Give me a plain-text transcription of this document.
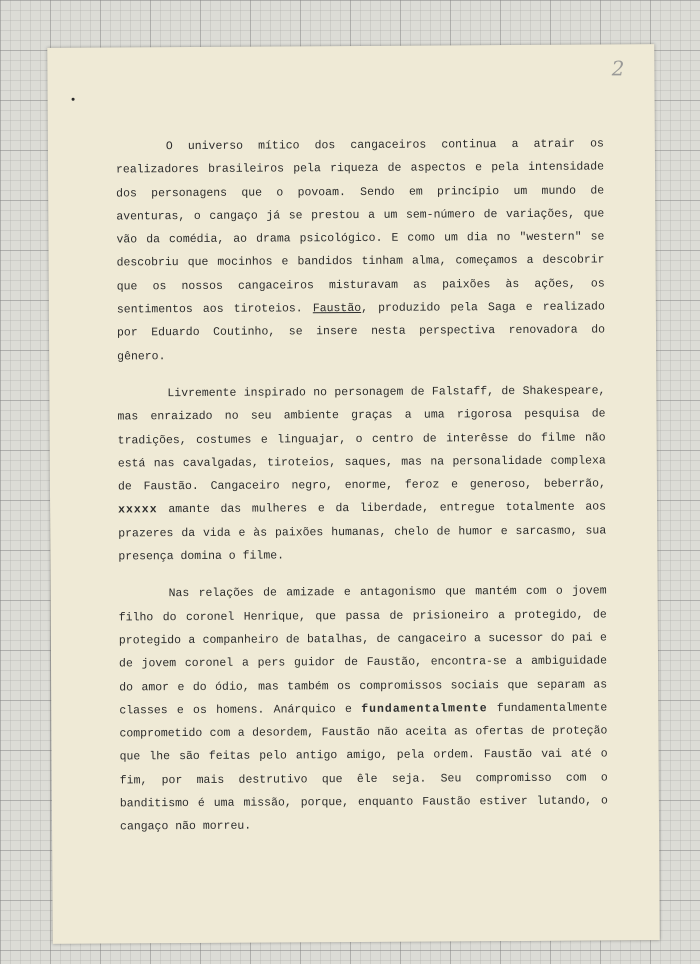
2

O universo mítico dos cangaceiros continua a atrair os realizadores brasileiros pela riqueza de aspectos e pela intensidade dos personagens que o povoam. Sendo em princípio um mundo de aventuras, o cangaço já se prestou a um sem-número de variações, que vão da comédia, ao drama psicológico. E como um dia no "western" se descobriu que mocinhos e bandidos tinham alma, começamos a descobrir que os nossos cangaceiros misturavam as paixões às ações, os sentimentos aos tiroteios. Faustão, produzido pela Saga e realizado por Eduardo Coutinho, se insere nesta perspectiva renovadora do gênero.

Livremente inspirado no personagem de Falstaff, de Shakespeare, mas enraizado no seu ambiente graças a uma rigorosa pesquisa de tradições, costumes e linguajar, o centro de interêsse do filme não está nas cavalgadas, tiroteios, saques, mas na personalidade complexa de Faustão. Cangaceiro negro, enorme, feroz e generoso, beberrão, xxxxx amante das mulheres e da liberdade, entregue totalmente aos prazeres da vida e às paixões humanas, chelo de humor e sarcasmo, sua presença domina o filme.

Nas relações de amizade e antagonismo que mantém com o jovem filho do coronel Henrique, que passa de prisioneiro a protegido, de protegido a companheiro de batalhas, de cangaceiro a sucessor do pai e de jovem coronel a pers guidor de Faustão, encontra-se a ambiguidade do amor e do ódio, mas também os compromissos sociais que separam as classes e os homens. Anárquico e fundamentalmente fundamentalmente comprometido com a desordem, Faustão não aceita as ofertas de proteção que lhe são feitas pelo antigo amigo, pela ordem. Faustão vai até o fim, por mais destrutivo que êle seja. Seu compromisso com o banditismo é uma missão, porque, enquanto Faustão estiver lutando, o cangaço não morreu.
